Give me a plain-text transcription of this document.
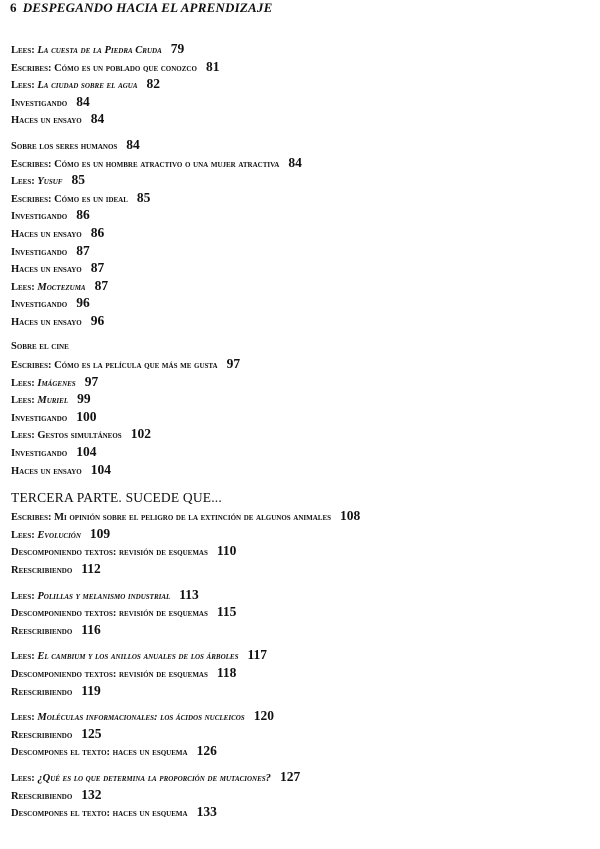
6 DESPEGANDO HACIA EL APRENDIZAJE
Lees: La cuesta de la Piedra Cruda 79
Escribes: Cómo es un poblado que conozco 81
Lees: La ciudad sobre el agua 82
Investigando 84
Haces un ensayo 84
Sobre los seres humanos 84
Escribes: Cómo es un hombre atractivo o una mujer atractiva 84
Lees: Yusuf 85
Escribes: Cómo es un ideal 85
Investigando 86
Haces un ensayo 86
Investigando 87
Haces un ensayo 87
Lees: Moctezuma 87
Investigando 96
Haces un ensayo 96
Sobre el cine
Escribes: Cómo es la película que más me gusta 97
Lees: Imágenes 97
Lees: Muriel 99
Investigando 100
Lees: Gestos simultáneos 102
Investigando 104
Haces un ensayo 104
TERCERA PARTE. SUCEDE QUE...
Escribes: Mi opinión sobre el peligro de la extinción de algunos animales 108
Lees: Evolución 109
Descomponiendo textos: revisión de esquemas 110
Reescribiendo 112
Lees: Polillas y melanismo industrial 113
Descomponiendo textos: revisión de esquemas 115
Reescribiendo 116
Lees: El cambium y los anillos anuales de los árboles 117
Descomponiendo textos: revisión de esquemas 118
Reescribiendo 119
Lees: Moléculas informacionales: los ácidos nucleicos 120
Reescribiendo 125
Descompones el texto: haces un esquema 126
Lees: ¿Qué es lo que determina la proporción de mutaciones? 127
Reescribiendo 132
Descompones el texto: haces un esquema 133
